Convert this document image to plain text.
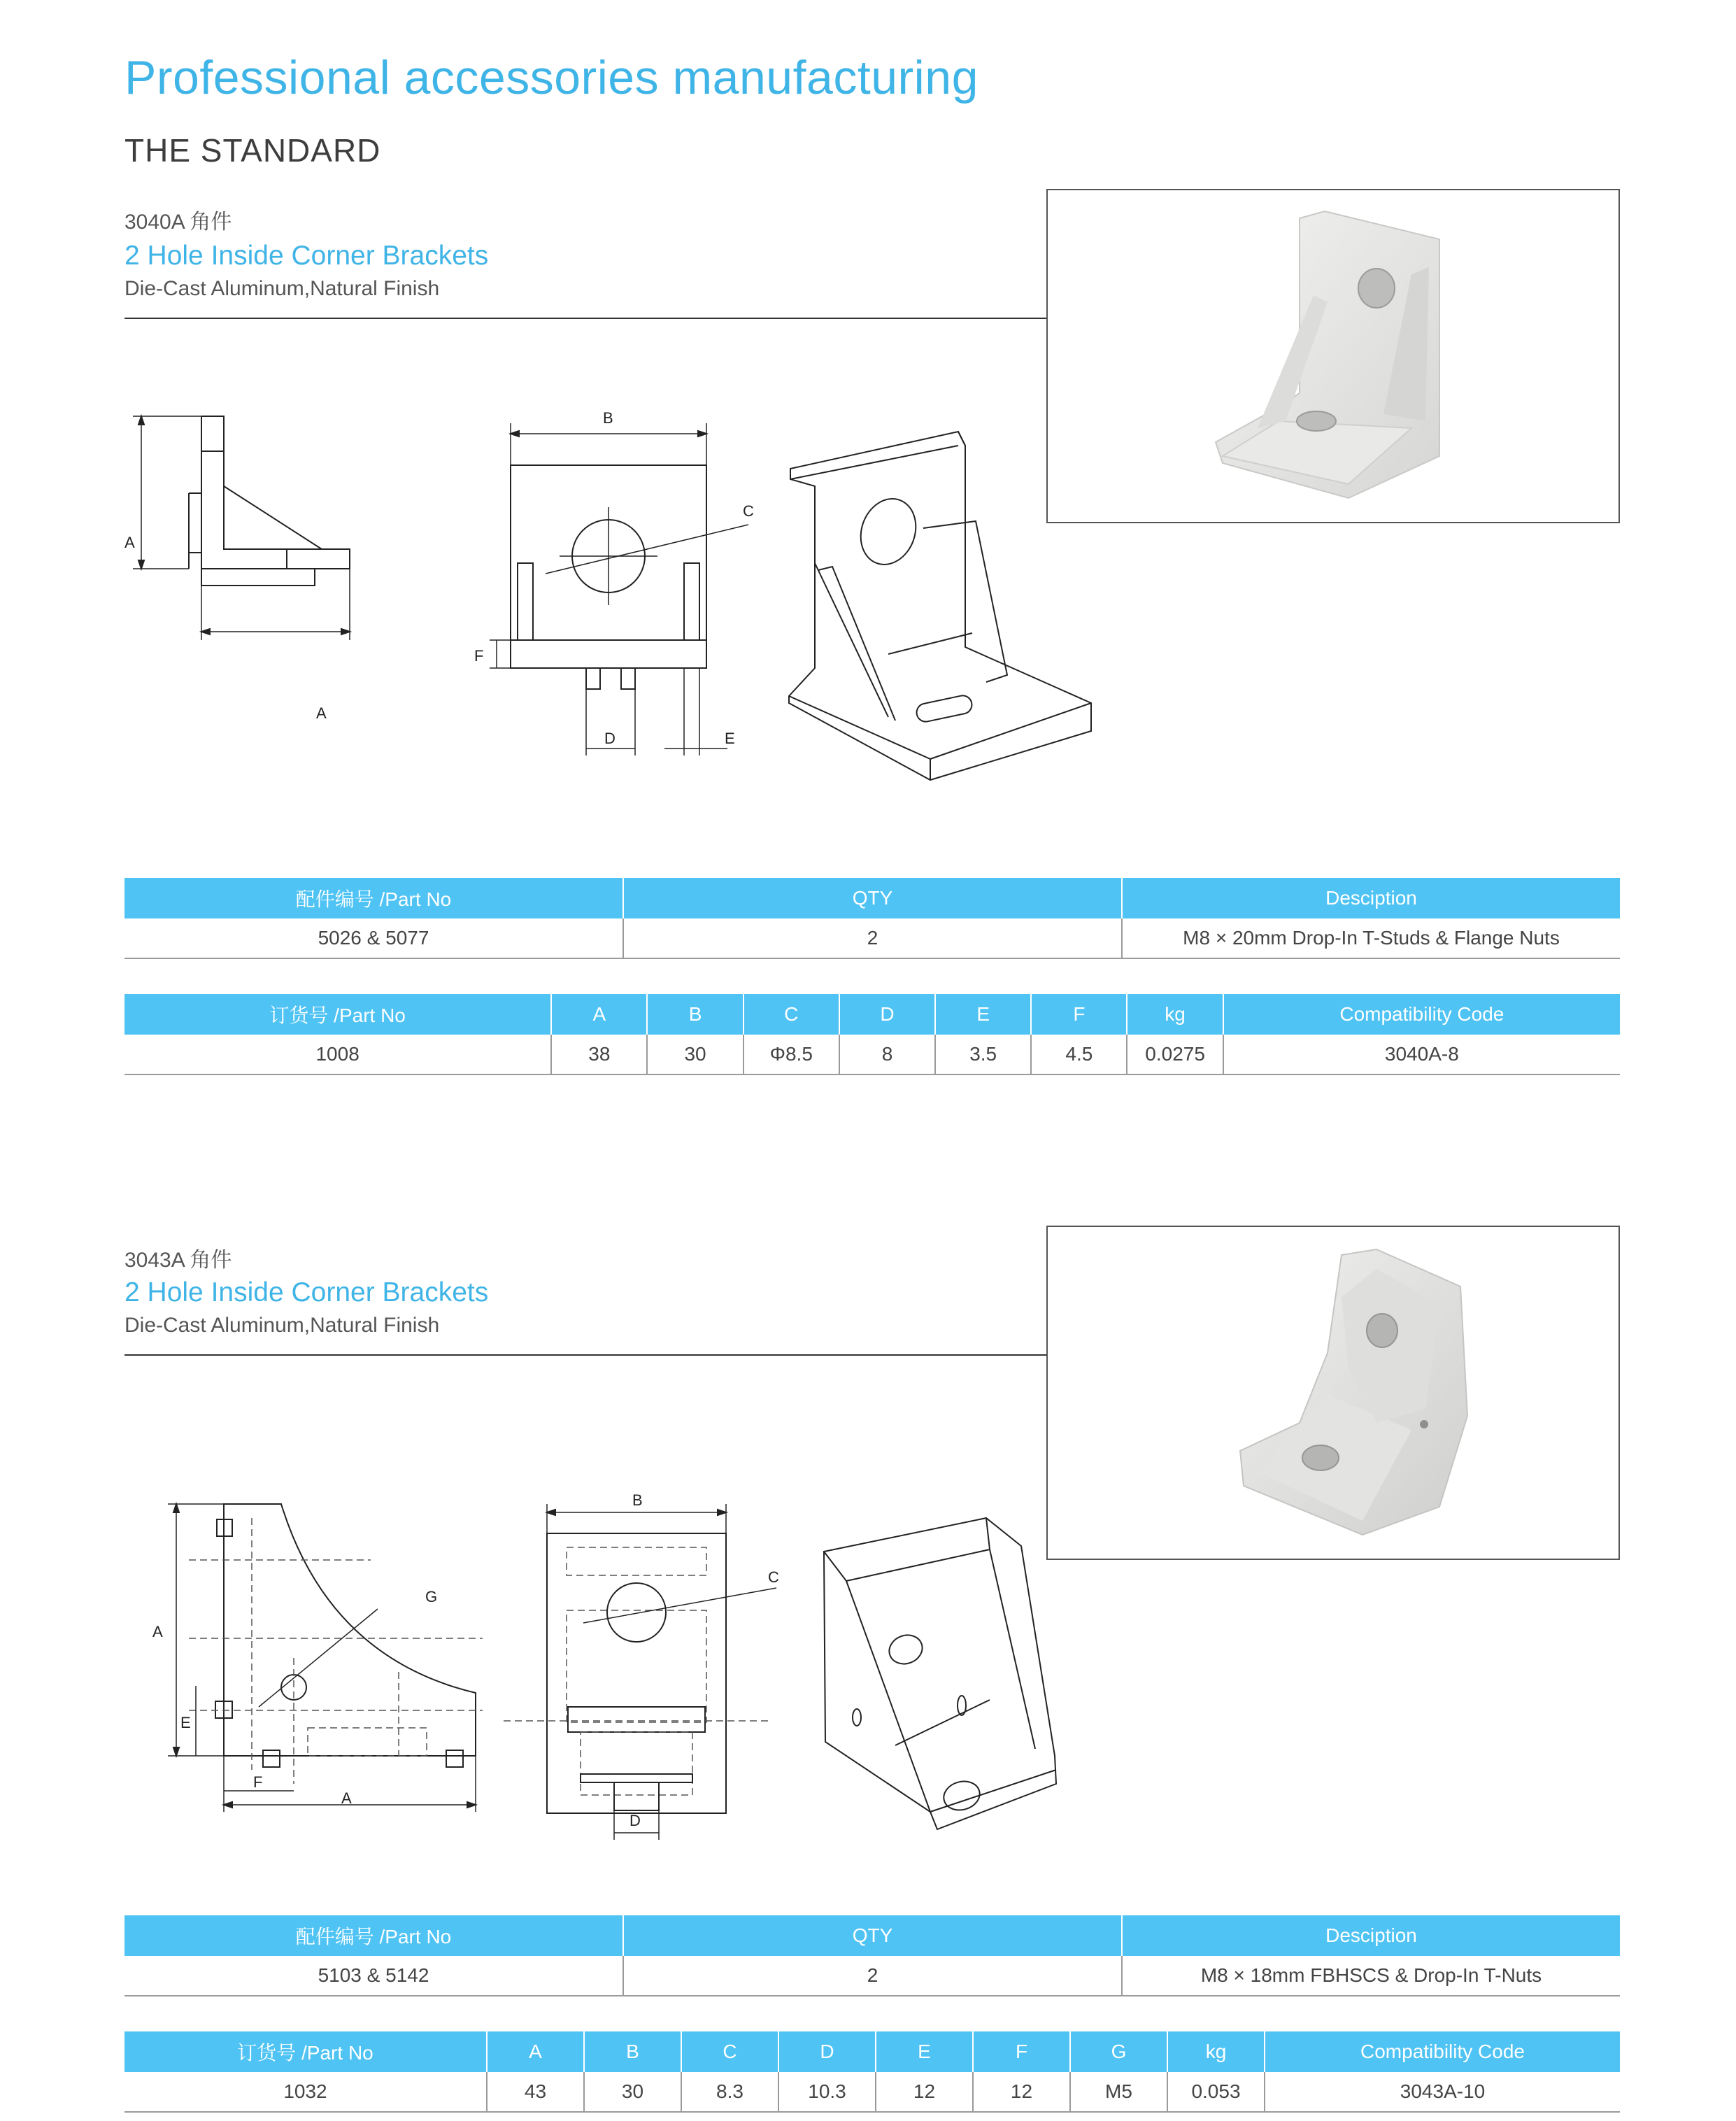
Professional accessories manufacturing
THE STANDARD
3040A 角件
2 Hole Inside Corner Brackets
Die-Cast Aluminum,Natural Finish
A
A
B
C
F
D	E
配件编号 /Part No	QTY	Desciption
5026 & 5077	2	M8 × 20mm Drop-In T-Studs & Flange Nuts
订货号 /Part No	A	B	C	D	E	F	kg	Compatibility Code
1008	38	30	Φ8.5	8	3.5	4.5	0.0275	3040A-8
3043A 角件
2 Hole Inside Corner Brackets
Die-Cast Aluminum,Natural Finish
A
E
F
A
G
B
C
D
配件编号 /Part No	QTY	Desciption
5103 & 5142	2	M8 × 18mm FBHSCS & Drop-In T-Nuts
订货号 /Part No	A	B	C	D	E	F	G	kg	Compatibility Code
1032	43	30	8.3	10.3	12	12	M5	0.053	3043A-10
